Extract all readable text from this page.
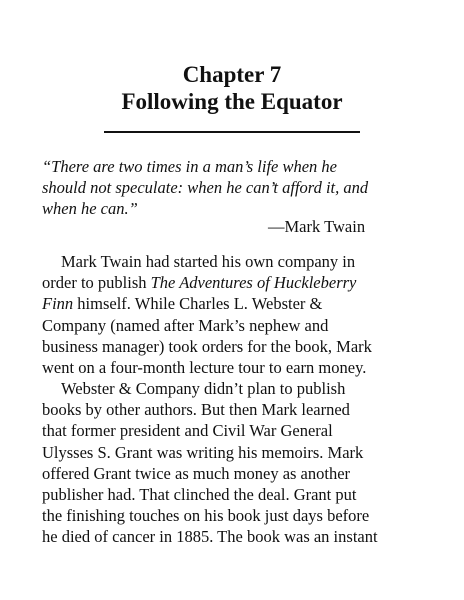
Chapter 7
Following the Equator

“There are two times in a man’s life when he
should not speculate: when he can’t afford it, and
when he can.”

—Mark Twain

Mark Twain had started his own company in
order to publish The Adventures of Huckleberry
Finn himself. While Charles L. Webster &
Company (named after Mark’s nephew and
business manager) took orders for the book, Mark
went on a four-month lecture tour to earn money.

Webster & Company didn’t plan to publish
books by other authors. But then Mark learned
that former president and Civil War General
Ulysses S. Grant was writing his memoirs. Mark
offered Grant twice as much money as another
publisher had. That clinched the deal. Grant put
the finishing touches on his book just days before
he died of cancer in 1885. The book was an instant
